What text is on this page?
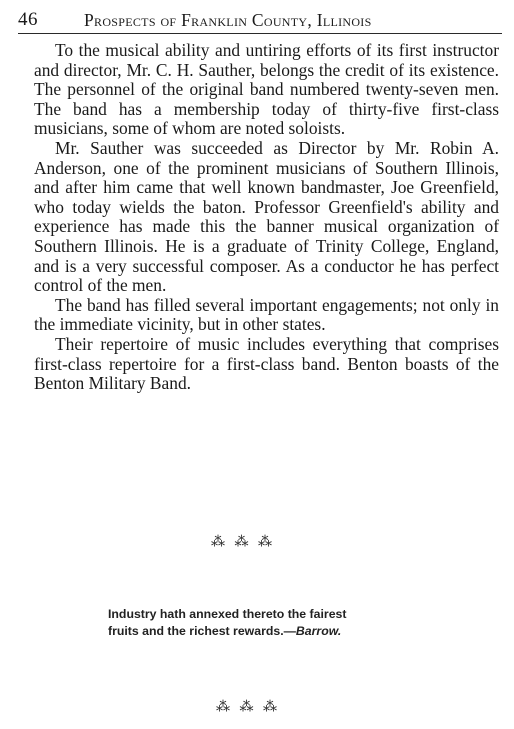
46	Prospects of Franklin County, Illinois

To the musical ability and untiring efforts of its first instructor and director, Mr. C. H. Sauther, belongs the credit of its existence. The personnel of the original band numbered twenty-seven men. The band has a membership today of thirty-five first-class musicians, some of whom are noted soloists.

Mr. Sauther was succeeded as Director by Mr. Robin A. Anderson, one of the prominent musicians of Southern Illinois, and after him came that well known bandmaster, Joe Greenfield, who today wields the baton. Professor Greenfield's ability and experience has made this the banner musical organization of Southern Illinois. He is a graduate of Trinity College, England, and is a very successful composer. As a conductor he has perfect control of the men.

The band has filled several important engagements; not only in the immediate vicinity, but in other states.

Their repertoire of music includes everything that comprises first-class repertoire for a first-class band. Benton boasts of the Benton Military Band.

⁂ ⁂ ⁂
Industry hath annexed thereto the fairest
fruits and the richest rewards.—Barrow.
⁂ ⁂ ⁂
